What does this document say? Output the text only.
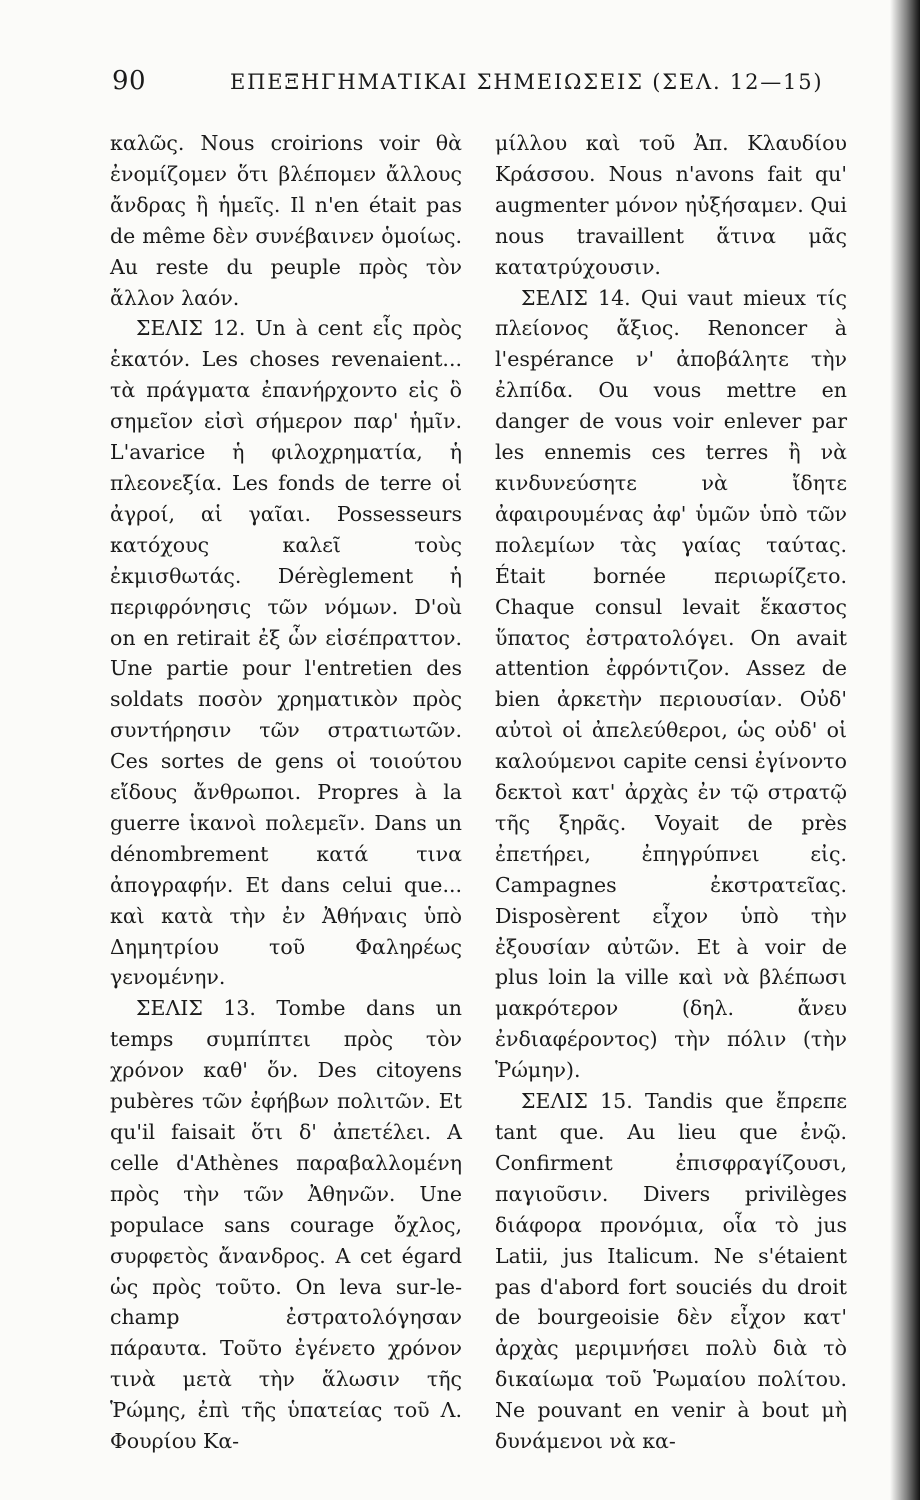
90	ΕΠΕΞΗΓΗΜΑΤΙΚΑΙ ΣΗΜΕΙΩΣΕΙΣ (ΣΕΛ. 12—15)

καλῶς. Nous croirions voir θὰ ἐνομίζομεν ὅτι βλέπομεν ἄλλους ἄνδρας ἢ ἡμεῖς. Il n'en était pas de même δὲν συνέβαινεν ὁμοίως. Au reste du peuple πρὸς τὸν ἄλλον λαόν.

ΣΕΛΙΣ 12. Un à cent εἷς πρὸς ἑκατόν. Les choses revenaient... τὰ πράγματα ἐπανήρχοντο εἰς ὃ σημεῖον εἰσὶ σήμερον παρ' ἡμῖν. L'avarice ἡ φιλοχρηματία, ἡ πλεονεξία. Les fonds de terre οἱ ἀγροί, αἱ γαῖαι. Possesseurs κατόχους καλεῖ τοὺς ἐκμισθωτάς. Dérèglement ἡ περιφρόνησις τῶν νόμων. D'où on en retirait ἐξ ὧν εἰσέπραττον. Une partie pour l'entretien des soldats ποσὸν χρηματικὸν πρὸς συντήρησιν τῶν στρατιωτῶν. Ces sortes de gens οἱ τοιούτου εἴδους ἄνθρωποι. Propres à la guerre ἱκανοὶ πολεμεῖν. Dans un dénombrement κατά τινα ἀπογραφήν. Et dans celui que... καὶ κατὰ τὴν ἐν Ἀθήναις ὑπὸ Δημητρίου τοῦ Φαληρέως γενομένην.

ΣΕΛΙΣ 13. Tombe dans un temps συμπίπτει πρὸς τὸν χρόνον καθ' ὅν. Des citoyens pubères τῶν ἐφήβων πολιτῶν. Et qu'il faisait ὅτι δ' ἀπετέλει. A celle d'Athènes παραβαλλομένη πρὸς τὴν τῶν Ἀθηνῶν. Une populace sans courage ὄχλος, συρφετὸς ἄνανδρος. A cet égard ὡς πρὸς τοῦτο. On leva sur-le-champ ἐστρατολόγησαν πάραυτα. Τοῦτο ἐγένετο χρόνον τινὰ μετὰ τὴν ἅλωσιν τῆς Ῥώμης, ἐπὶ τῆς ὑπατείας τοῦ Λ. Φουρίου Κα-

μίλλου καὶ τοῦ Ἀπ. Κλαυδίου Κράσσου. Nous n'avons fait qu' augmenter μόνον ηὐξήσαμεν. Qui nous travaillent ἅτινα μᾶς κατατρύχουσιν.

ΣΕΛΙΣ 14. Qui vaut mieux τίς πλείονος ἄξιος. Renoncer à l'espérance ν' ἀποβάλητε τὴν ἐλπίδα. Ou vous mettre en danger de vous voir enlever par les ennemis ces terres ἢ νὰ κινδυνεύσητε νὰ ἴδητε ἀφαιρουμένας ἀφ' ὑμῶν ὑπὸ τῶν πολεμίων τὰς γαίας ταύτας. Était bornée περιωρίζετο. Chaque consul levait ἕκαστος ὕπατος ἐστρατολόγει. On avait attention ἐφρόντιζον. Assez de bien ἀρκετὴν περιουσίαν. Οὐδ' αὐτοὶ οἱ ἀπελεύθεροι, ὡς οὐδ' οἱ καλούμενοι capite censi ἐγίνοντο δεκτοὶ κατ' ἀρχὰς ἐν τῷ στρατῷ τῆς ξηρᾶς. Voyait de près ἐπετήρει, ἐπηγρύπνει εἰς. Campagnes ἐκστρατεῖας. Disposèrent εἶχον ὑπὸ τὴν ἐξουσίαν αὐτῶν. Et à voir de plus loin la ville καὶ νὰ βλέπωσι μακρότερον (δηλ. ἄνευ ἐνδιαφέροντος) τὴν πόλιν (τὴν Ῥώμην).

ΣΕΛΙΣ 15. Tandis que ἔπρεπε tant que. Au lieu que ἐνῷ. Confirment ἐπισφραγίζουσι, παγιοῦσιν. Divers privilèges διάφορα προνόμια, οἷα τὸ jus Latii, jus Italicum. Ne s'étaient pas d'abord fort souciés du droit de bourgeoisie δὲν εἶχον κατ' ἀρχὰς μεριμνήσει πολὺ διὰ τὸ δικαίωμα τοῦ Ῥωμαίου πολίτου. Ne pouvant en venir à bout μὴ δυνάμενοι νὰ κα-
